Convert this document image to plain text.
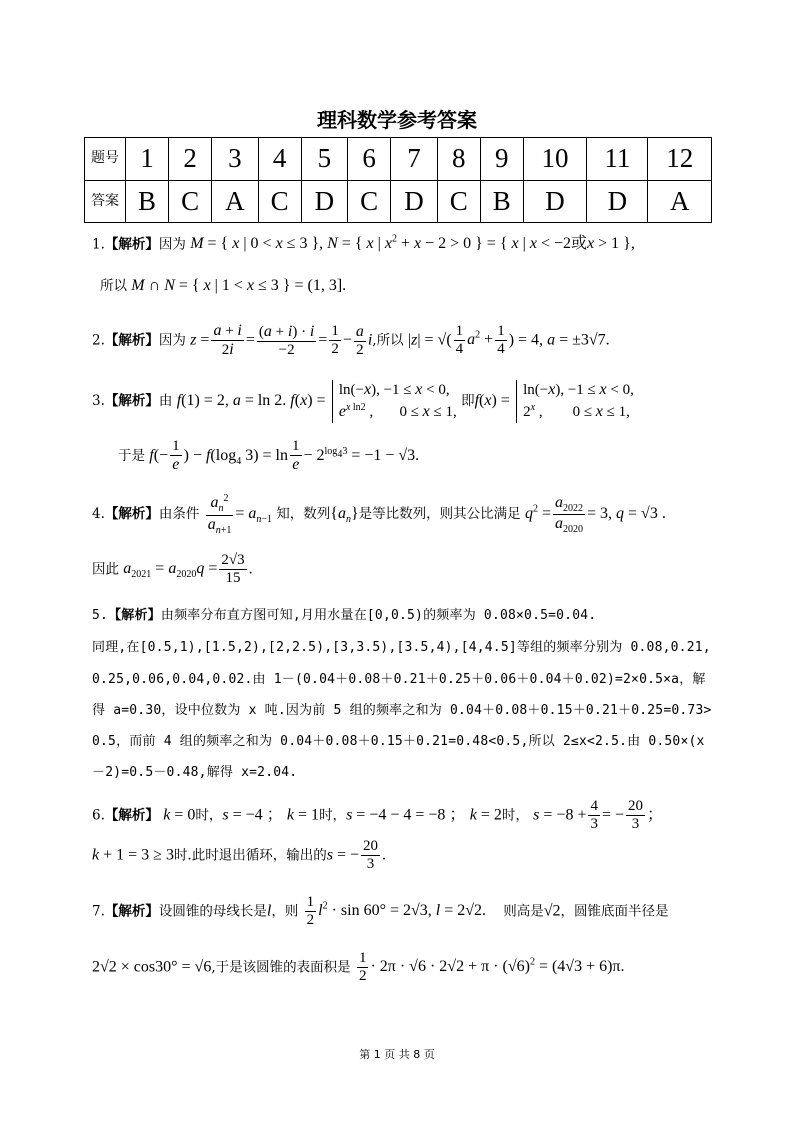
理科数学参考答案
题号	1	2	3	4	5	6	7	8	9	10	11	12
答案	B	C	A	C	D	C	D	C	B	D	D	A
1.【解析】因为 M = { x | 0 < x ≤ 3 }, N = { x | $x^2 + x - 2 > 0$ } = { x | x < −2或x > 1 },
所以 M ∩ N = { x | 1 < x ≤ 3 } = (1, 3].
2.【解析】因为 $z = \frac{a + i}{2i} = \frac{(a + i) \cdot i}{-2} = \frac{1}{2} - \frac{a}{2} i$,所以 |z| = √( $\frac{1}{4} a^2 + \frac{1}{4}$ ) = 4, a = ±3√7.
3.【解析】由 f(1) = 2, a = ln 2. f(x) = ln(−x), −1 ≤ x < 0,
$e^{x ln2}$ ,       0 ≤ x ≤ 1, 即f(x) = ln(−x), −1 ≤ x < 0,
2$^x$ ,        0 ≤ x ≤ 1,
于是 $f(- \frac{1}{e}$ ) − $f(\log_4$ $3) = \ln \frac{1}{e} - 2^{log_43} = -1 - √3$.
4.【解析】由条件 $\frac{a_n^2}{a_{n+1}} = a_{n-1}$ 知，数列$\{a_n\}$是等比数列，则其公比满足 $q^2 = \frac{a_{2022}}{a_{2020}} = 3$, q = √3 .
因此 $a_{2021} = a_{2020}q = \frac{2√3}{15}$ .
5.【解析】由频率分布直方图可知,月用水量在[0,0.5)的频率为 0.08×0.5=0.04.
同理,在[0.5,1),[1.5,2),[2,2.5),[3,3.5),[3.5,4),[4,4.5]等组的频率分别为 0.08,0.21,
0.25,0.06,0.04,0.02.由 1－(0.04＋0.08＋0.21＋0.25＋0.06＋0.04＋0.02)=2×0.5×a，解
得 a=0.30，设中位数为 x 吨.因为前 5 组的频率之和为 0.04＋0.08＋0.15＋0.21＋0.25=0.73>
0.5，而前 4 组的频率之和为 0.04＋0.08＋0.15＋0.21=0.48<0.5,所以 2≤x<2.5.由 0.50×(x
－2)=0.5－0.48,解得 x=2.04.
6.【解析】 k = 0时，s = −4 ； k = 1时，s = −4 − 4 = −8 ； k = 2时， $s = -8 + \frac{4}{3}$ = − $\frac{20}{3}$ ；
k + 1 = 3 ≥ 3时.此时退出循环，输出的s = − $\frac{20}{3}$ .
7.【解析】设圆锥的母线长是l，则 $\frac{1}{2} l^2 \cdot \sin 60^\circ = 2√3$, l = 2√2. 则高是√2，圆锥底面半径是
2√2 × cos30° = √6,于是该圆锥的表面积是 $\frac{1}{2} \cdot 2\pi \cdot √6 \cdot 2√2 + \pi \cdot (√6)^2 = (4√3 + 6)\pi$.
第 1 页 共 8 页
